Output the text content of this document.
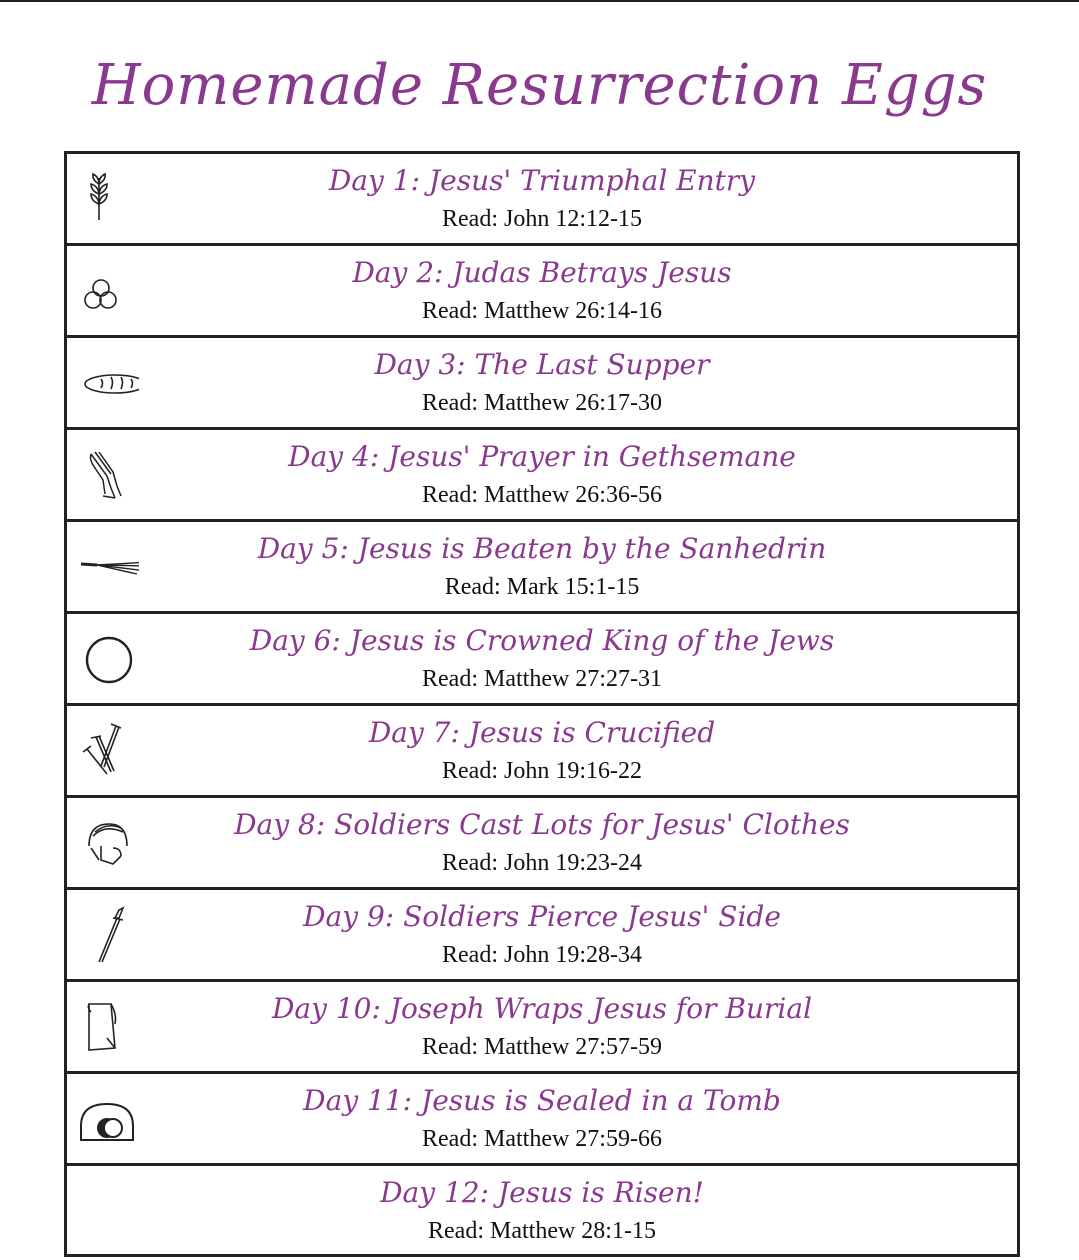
Homemade Resurrection Eggs
Day 1: Jesus' Triumphal Entry
Read: John 12:12-15
Day 2: Judas Betrays Jesus
Read: Matthew 26:14-16
Day 3: The Last Supper
Read: Matthew 26:17-30
Day 4: Jesus' Prayer in Gethsemane
Read: Matthew 26:36-56
Day 5: Jesus is Beaten by the Sanhedrin
Read: Mark 15:1-15
Day 6: Jesus is Crowned King of the Jews
Read: Matthew 27:27-31
Day 7: Jesus is Crucified
Read: John 19:16-22
Day 8: Soldiers Cast Lots for Jesus' Clothes
Read: John 19:23-24
Day 9: Soldiers Pierce Jesus' Side
Read: John 19:28-34
Day 10: Joseph Wraps Jesus for Burial
Read: Matthew 27:57-59
Day 11: Jesus is Sealed in a Tomb
Read: Matthew 27:59-66
Day 12: Jesus is Risen!
Read: Matthew 28:1-15
